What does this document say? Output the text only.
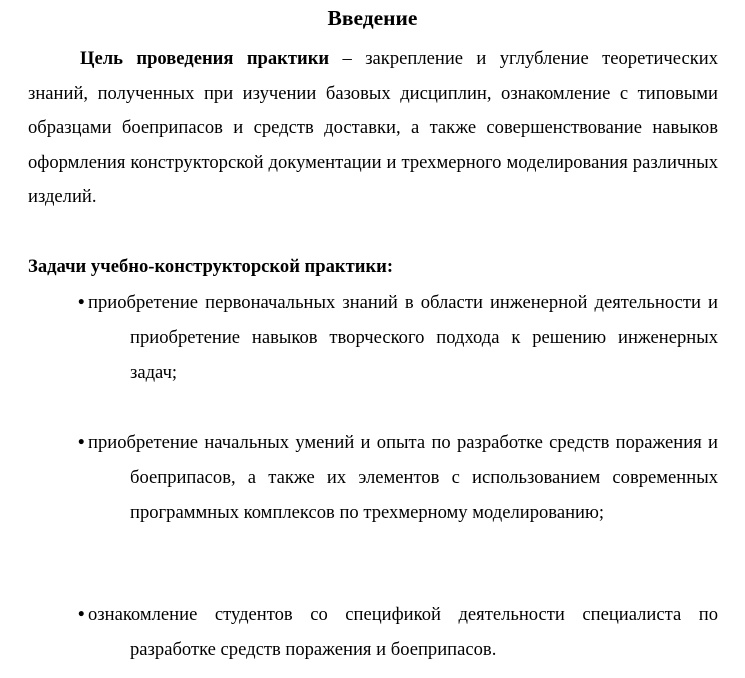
Введение
Цель проведения практики – закрепление и углубление теоретических знаний, полученных при изучении базовых дисциплин, ознакомление с типовыми образцами боеприпасов и средств доставки, а также совершенствование навыков оформления конструкторской документации и трехмерного моделирования различных изделий.
Задачи учебно-конструкторской практики:
• приобретение первоначальных знаний в области инженерной деятельности и приобретение навыков творческого подхода к решению инженерных задач;
• приобретение начальных умений и опыта по разработке средств поражения и боеприпасов, а также их элементов с использованием современных программных комплексов по трехмерному моделированию;
• ознакомление студентов со спецификой деятельности специалиста по разработке средств поражения и боеприпасов.
